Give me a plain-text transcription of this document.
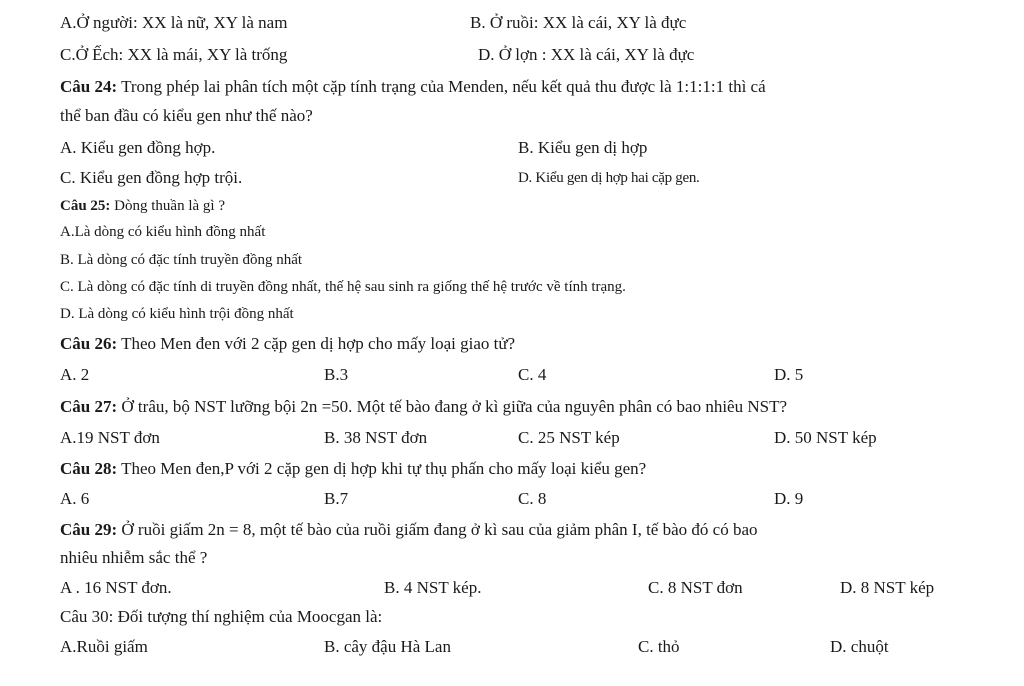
A.Ở người: XX là nữ, XY là nam	B. Ở ruồi: XX là cái, XY là đực
C.Ở Ếch: XX là mái, XY là trống	D. Ở lợn : XX là cái, XY là đực
Câu 24: Trong phép lai phân tích một cặp tính trạng của Menden, nếu kết quả thu được là 1:1:1:1 thì cá
thể ban đầu có kiểu gen như thế nào?
A. Kiểu gen đồng hợp.	B. Kiểu gen dị hợp
C. Kiểu gen đồng hợp trội.	D. Kiểu gen dị hợp hai cặp gen.
Câu 25: Dòng thuần là gì ?
A.Là dòng có kiểu hình đồng nhất
B. Là dòng có đặc tính truyền đồng nhất
C. Là dòng có đặc tính di truyền đồng nhất, thế hệ sau sinh ra giống thế hệ trước về tính trạng.
D. Là dòng có kiểu hình trội đồng nhất
Câu 26: Theo Men đen với 2 cặp gen dị hợp cho mấy loại giao tử?
A. 2	B.3	C. 4	D. 5
Câu 27: Ở trâu, bộ NST lưỡng bội 2n =50. Một tế bào đang ở kì giữa của nguyên phân có bao nhiêu NST?
A.19 NST đơn	B. 38 NST đơn	C. 25 NST kép	D. 50 NST kép
Câu 28: Theo Men đen,P với 2 cặp gen dị hợp khi tự thụ phấn cho mấy loại kiểu gen?
A. 6	B.7	C. 8	D. 9
Câu 29: Ở ruồi giấm 2n = 8, một tế bào của ruồi giấm đang ở kì sau của giảm phân I, tế bào đó có bao
nhiêu nhiễm sắc thể ?
A . 16 NST đơn.	B. 4 NST kép.	C. 8 NST đơn	D. 8 NST kép
Câu 30: Đối tượng thí nghiệm của Moocgan là:
A.Ruồi giấm	B. cây đậu Hà Lan	C. thỏ	D. chuột
